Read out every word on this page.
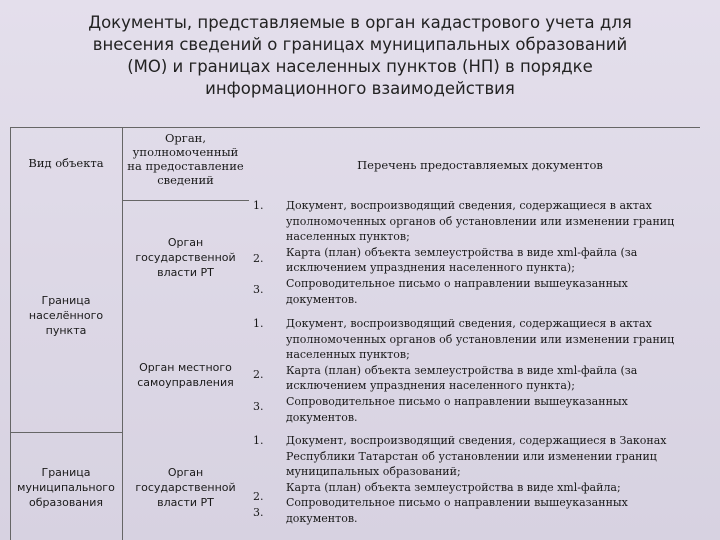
Документы, представляемые в орган кадастрового учета для
внесения сведений о границах муниципальных образований
(МО) и границах населенных пунктов (НП) в порядке
информационного взаимодействия
Вид объекта
Орган,
уполномоченный
на предоставление
сведений
Перечень предоставляемых документов
Граница
населённого
пункта
Граница
муниципального
образования
Орган
государственной
власти РТ
Орган местного
самоуправления
Орган
государственной
власти РТ
1.
2.
3.
1.
2.
3.
1.
2.
3.
Документ, воспроизводящий сведения, содержащиеся в актах
уполномоченных органов об установлении или изменении границ
населенных пунктов;
Карта (план) объекта землеустройства в виде xml-файла (за
исключением упразднения населенного пункта);
Сопроводительное письмо о направлении вышеуказанных
документов.
Документ, воспроизводящий сведения, содержащиеся в актах
уполномоченных органов об установлении или изменении границ
населенных пунктов;
Карта (план) объекта землеустройства в виде xml-файла (за
исключением упразднения населенного пункта);
Сопроводительное письмо о направлении вышеуказанных
документов.
Документ, воспроизводящий сведения, содержащиеся в Законах
Республики Татарстан об установлении или изменении границ
муниципальных образований;
Карта (план) объекта землеустройства в виде xml-файла;
Сопроводительное письмо о направлении вышеуказанных
документов.
